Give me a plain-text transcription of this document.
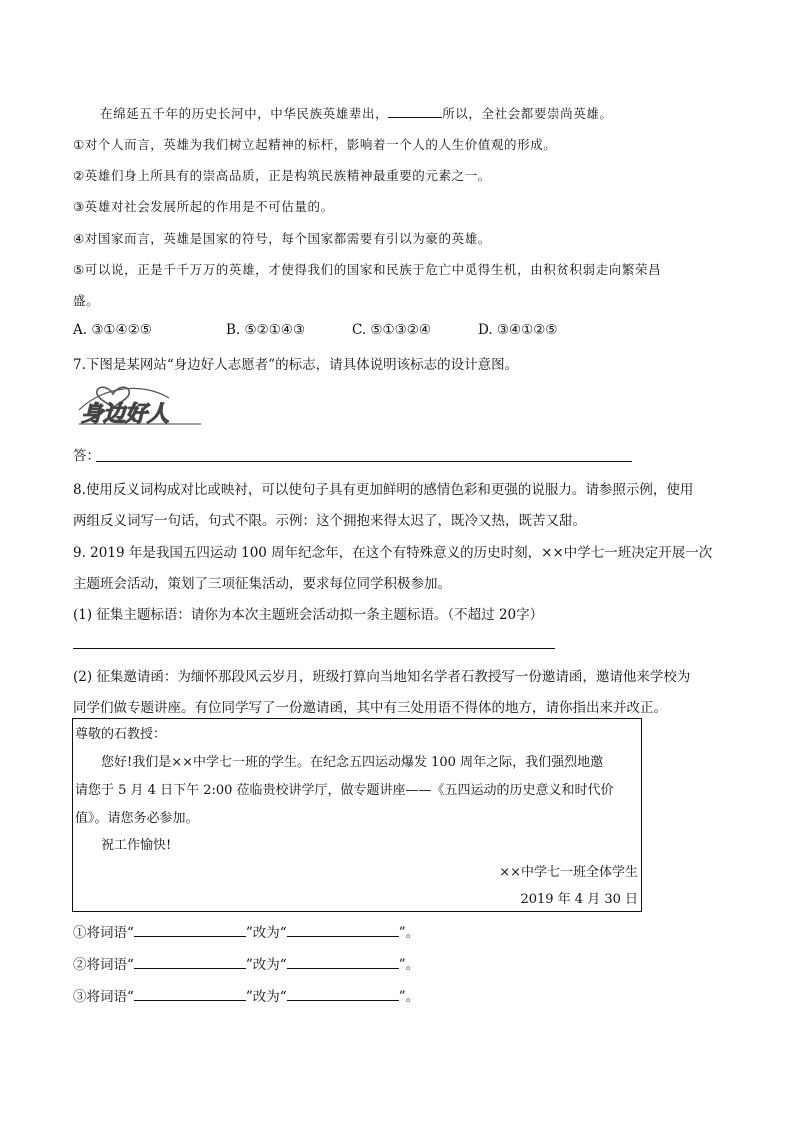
在绵延五千年的历史长河中，中华民族英雄辈出，	所以，全社会都要崇尚英雄。
①对个人而言，英雄为我们树立起精神的标杆，影响着一个人的人生价值观的形成。
②英雄们身上所具有的崇高品质，正是构筑民族精神最重要的元素之一。
③英雄对社会发展所起的作用是不可估量的。
④对国家而言，英雄是国家的符号，每个国家都需要有引以为豪的英雄。
⑤可以说，正是千千万万的英雄，才使得我们的国家和民族于危亡中觅得生机，由积贫积弱走向繁荣昌
盛。
A. ③①④②⑤	B. ⑤②①④③	C. ⑤①③②④	D. ③④①②⑤
7.下图是某网站“身边好人志愿者”的标志，请具体说明该标志的设计意图。
身边好人
答：
8.使用反义词构成对比或映衬，可以使句子具有更加鲜明的感情色彩和更强的说服力。请参照示例，使用
两组反义词写一句话，句式不限。示例：这个拥抱来得太迟了，既冷又热，既苦又甜。
9. 2019 年是我国五四运动 100 周年纪念年，在这个有特殊意义的历史时刻，××中学七一班决定开展一次
主题班会活动，策划了三项征集活动，要求每位同学积极参加。
(1) 征集主题标语：请你为本次主题班会活动拟一条主题标语。（不超过 20字）
(2) 征集邀请函：为缅怀那段风云岁月，班级打算向当地知名学者石教授写一份邀请函，邀请他来学校为
同学们做专题讲座。有位同学写了一份邀请函，其中有三处用语不得体的地方，请你指出来并改正。
尊敬的石教授：
您好!我们是××中学七一班的学生。在纪念五四运动爆发 100 周年之际，我们强烈地邀
请您于 5 月 4 日下午 2:00 莅临贵校讲学厅，做专题讲座——《五四运动的历史意义和时代价
值》。请您务必参加。
祝工作愉快!
××中学七一班全体学生
2019 年 4 月 30 日
①将词语“	”改为“	”。
②将词语“	”改为“	”。
③将词语“	”改为“	”。
